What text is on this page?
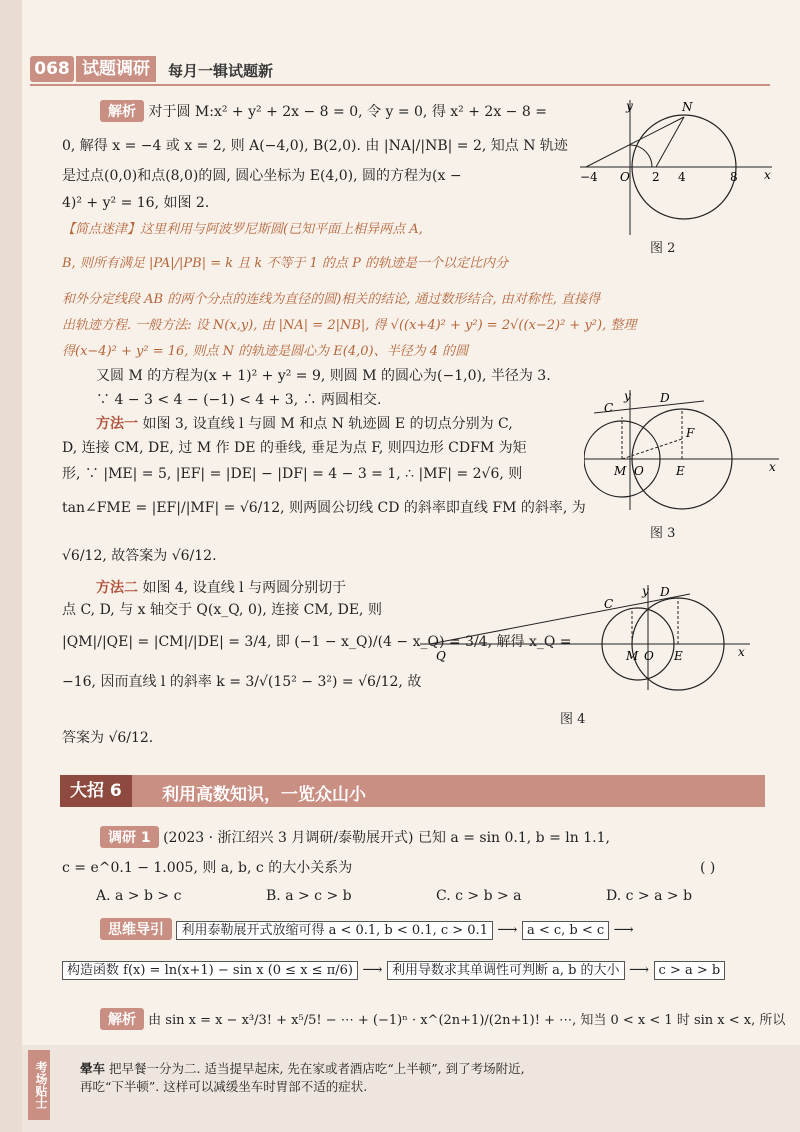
068 试题调研	每月一辑试题新
解析 对于圆 M:x² + y² + 2x − 8 = 0, 令 y = 0, 得 x² + 2x − 8 =
0, 解得 x = −4 或 x = 2, 则 A(−4,0), B(2,0). 由 |NA|/|NB| = 2, 知点 N 轨迹
是过点(0,0)和点(8,0)的圆, 圆心坐标为 E(4,0), 圆的方程为(x −
4)² + y² = 16, 如图 2.
y
x
N
O
−4	2 4	8
图 2
【简点迷津】这里利用与阿波罗尼斯圆(已知平面上相异两点 A,
B, 则所有满足 |PA|/|PB| = k 且 k 不等于 1 的点 P 的轨迹是一个以定比内分
和外分定线段 AB 的两个分点的连线为直径的圆)相关的结论, 通过数形结合, 由对称性, 直接得
出轨迹方程. 一般方法: 设 N(x,y), 由 |NA| = 2|NB|, 得 √((x+4)² + y²) = 2√((x−2)² + y²), 整理
得(x−4)² + y² = 16, 则点 N 的轨迹是圆心为 E(4,0)、半径为 4 的圆
又圆 M 的方程为(x + 1)² + y² = 9, 则圆 M 的圆心为(−1,0), 半径为 3.
∵ 4 − 3 < 4 − (−1) < 4 + 3, ∴ 两圆相交.
方法一 如图 3, 设直线 l 与圆 M 和点 N 轨迹圆 E 的切点分别为 C,
D, 连接 CM, DE, 过 M 作 DE 的垂线, 垂足为点 F, 则四边形 CDFM 为矩
形, ∵ |ME| = 5, |EF| = |DE| − |DF| = 4 − 3 = 1, ∴ |MF| = 2√6, 则
tan∠FME = |EF|/|MF| = √6/12, 则两圆公切线 CD 的斜率即直线 FM 的斜率, 为
√6/12, 故答案为 √6/12.
C
D
y
F
M O	E	x
图 3
方法二 如图 4, 设直线 l 与两圆分别切于
点 C, D, 与 x 轴交于 Q(x_Q, 0), 连接 CM, DE, 则
|QM|/|QE| = |CM|/|DE| = 3/4, 即 (−1 − x_Q)/(4 − x_Q) = 3/4, 解得 x_Q =
−16, 因而直线 l 的斜率 k = 3/√(15² − 3²) = √6/12, 故
答案为 √6/12.
Q
C
D
y
M O E	x
图 4
大招 6	利用高数知识，一览众山小
调研 1 (2023 · 浙江绍兴 3 月调研/泰勒展开式) 已知 a = sin 0.1, b = ln 1.1,
c = e^0.1 − 1.005, 则 a, b, c 的大小关系为	( )
A. a > b > c	B. a > c > b	C. c > b > a	D. c > a > b
思维导引 利用泰勒展开式放缩可得 a < 0.1, b < 0.1, c > 0.1 ⟶ a < c, b < c ⟶
构造函数 f(x) = ln(x+1) − sin x (0 ≤ x ≤ π/6) ⟶ 利用导数求其单调性可判断 a, b 的大小 ⟶ c > a > b
解析 由 sin x = x − x³/3! + x⁵/5! − ⋯ + (−1)ⁿ · x^(2n+1)/(2n+1)! + ⋯, 知当 0 < x < 1 时 sin x < x, 所以
考场贴士	晕车 把早餐一分为二. 适当提早起床, 先在家或者酒店吃“上半顿”, 到了考场附近,
再吃“下半顿”. 这样可以减缓坐车时胃部不适的症状.
